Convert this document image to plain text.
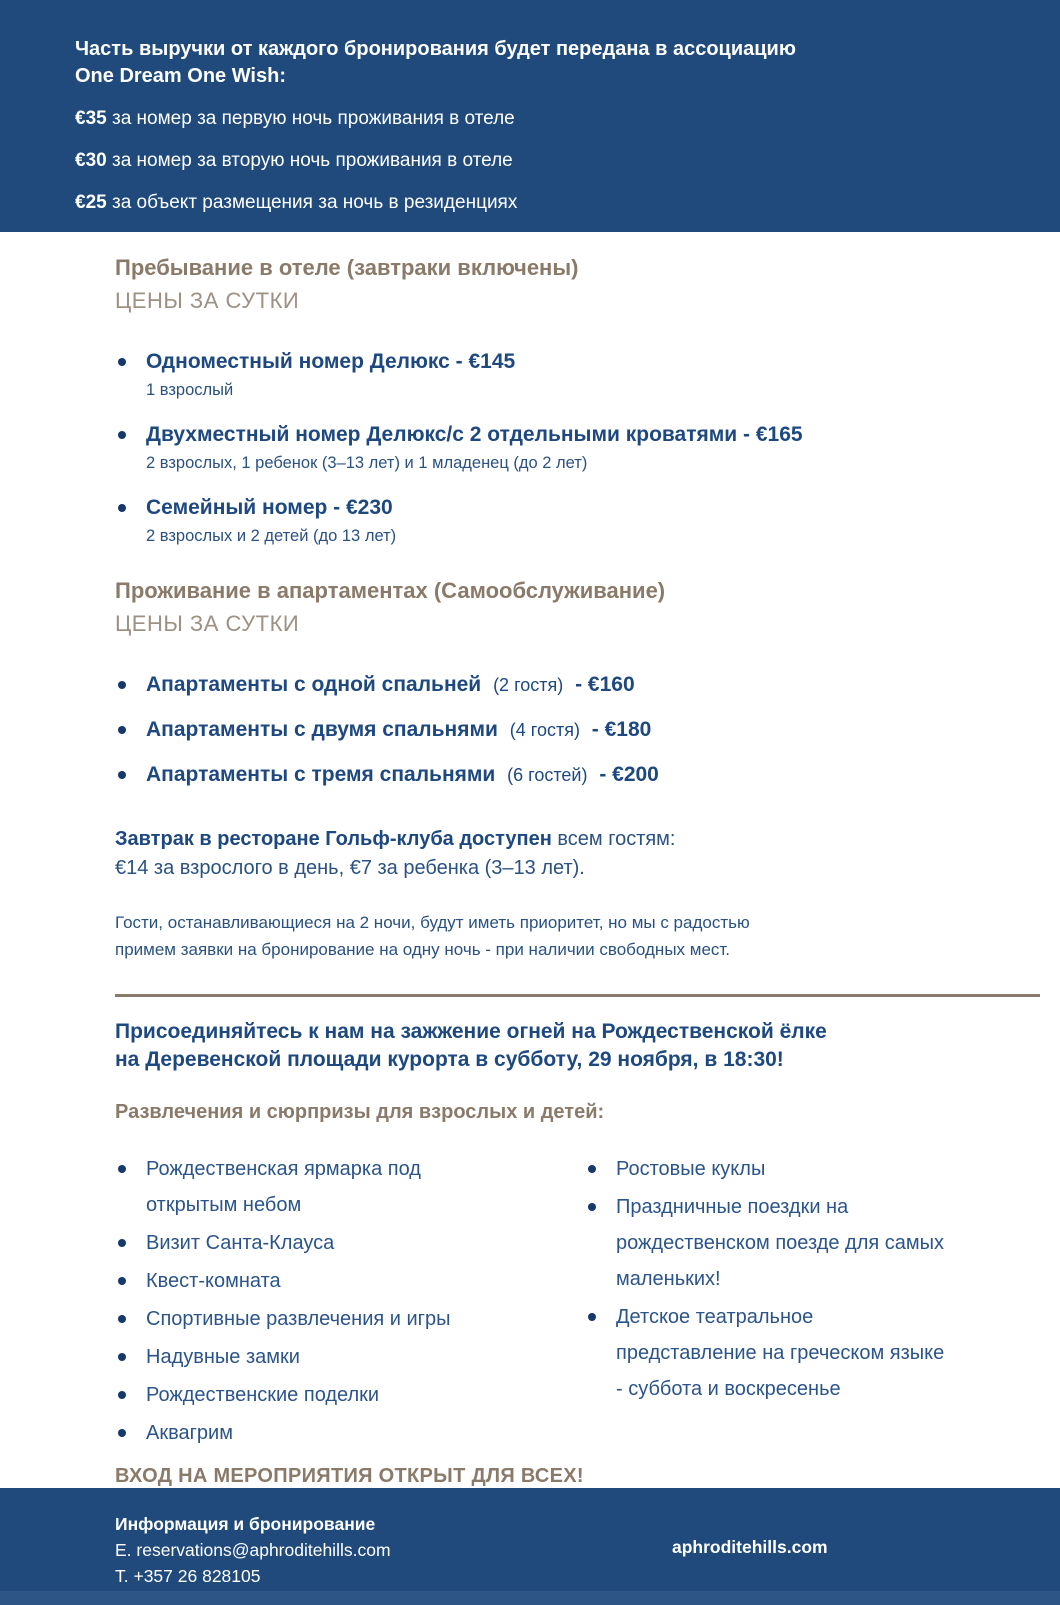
Часть выручки от каждого бронирования будет передана в ассоциацию
One Dream One Wish:

€35 за номер за первую ночь проживания в отеле

€30 за номер за вторую ночь проживания в отеле

€25 за объект размещения за ночь в резиденциях

Пребывание в отеле (завтраки включены)
ЦЕНЫ ЗА СУТКИ
Одноместный номер Делюкс - €145
1 взрослый
Двухместный номер Делюкс/с 2 отдельными кроватями - €165
2 взрослых, 1 ребенок (3–13 лет) и 1 младенец (до 2 лет)
Семейный номер - €230
2 взрослых и 2 детей (до 13 лет)
Проживание в апартаментах (Самообслуживание)
ЦЕНЫ ЗА СУТКИ
Апартаменты с одной спальней (2 гостя) - €160
Апартаменты с двумя спальнями (4 гостя) - €180
Апартаменты с тремя спальнями (6 гостей) - €200

Завтрак в ресторане Гольф-клуба доступен всем гостям:
€14 за взрослого в день, €7 за ребенка (3–13 лет).

Гости, останавливающиеся на 2 ночи, будут иметь приоритет, но мы с радостью
примем заявки на бронирование на одну ночь - при наличии свободных мест.

Присоединяйтесь к нам на зажжение огней на Рождественской ёлке
на Деревенской площади курорта в субботу, 29 ноября, в 18:30!

Развлечения и сюрпризы для взрослых и детей:

Рождественская ярмарка под открытым небом
Визит Санта-Клауса
Квест-комната
Спортивные развлечения и игры
Надувные замки
Рождественские поделки
Аквагрим
Ростовые куклы
Праздничные поездки на рождественском поезде для самых маленьких!
Детское театральное представление на греческом языке - суббота и воскресенье

ВХОД НА МЕРОПРИЯТИЯ ОТКРЫТ ДЛЯ ВСЕХ!

Информация и бронирование
E. reservations@aphroditehills.com
T. +357 26 828105
aphroditehills.com
